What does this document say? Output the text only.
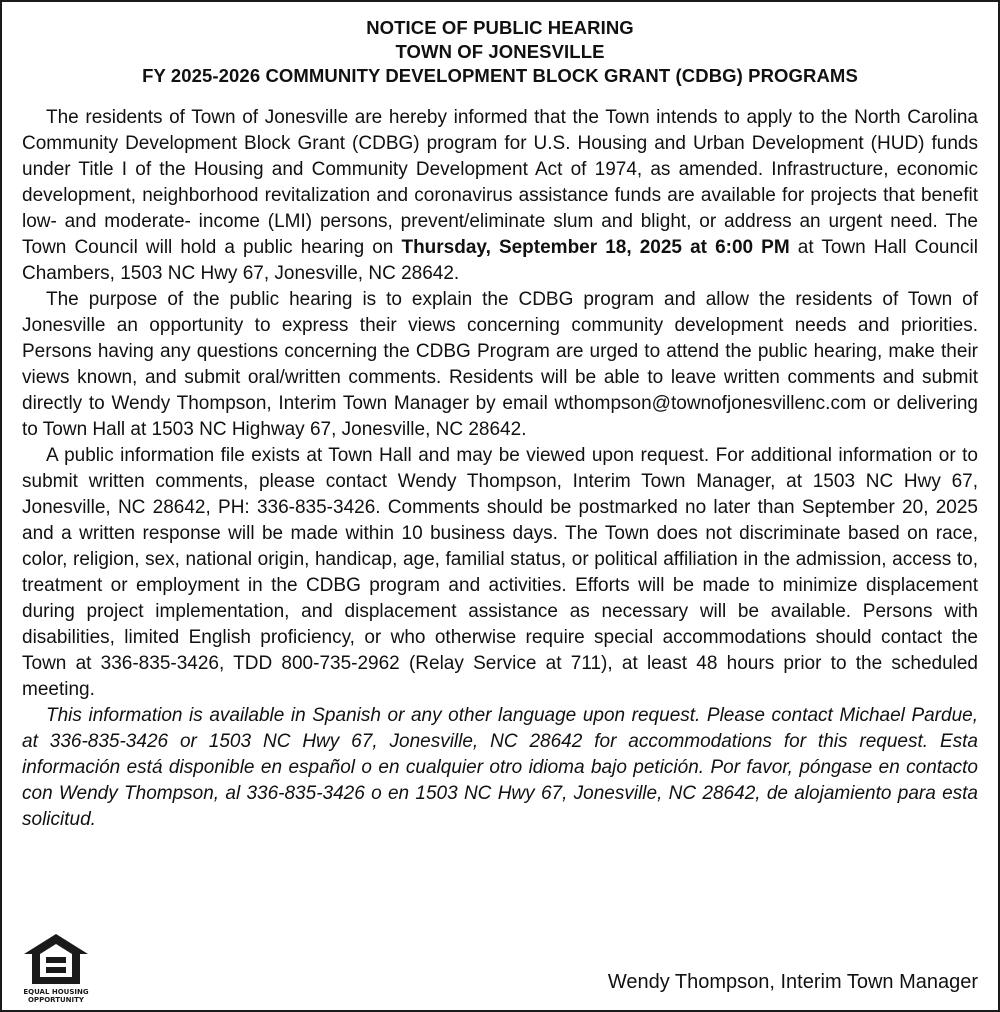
NOTICE OF PUBLIC HEARING
TOWN OF JONESVILLE
FY 2025-2026 COMMUNITY DEVELOPMENT BLOCK GRANT (CDBG) PROGRAMS

The residents of Town of Jonesville are hereby informed that the Town intends to apply to the North Carolina Community Development Block Grant (CDBG) program for U.S. Housing and Urban Development (HUD) funds under Title I of the Housing and Community Development Act of 1974, as amended. Infrastructure, economic development, neighborhood revitalization and coronavirus assistance funds are available for projects that benefit low- and moderate- income (LMI) persons, prevent/eliminate slum and blight, or address an urgent need. The Town Council will hold a public hearing on Thursday, September 18, 2025 at 6:00 PM at Town Hall Council Chambers, 1503 NC Hwy 67, Jonesville, NC 28642.

The purpose of the public hearing is to explain the CDBG program and allow the residents of Town of Jonesville an opportunity to express their views concerning community development needs and priorities. Persons having any questions concerning the CDBG Program are urged to attend the public hearing, make their views known, and submit oral/written comments. Residents will be able to leave written comments and submit directly to Wendy Thompson, Interim Town Manager by email wthompson@townofjonesvillenc.com or delivering to Town Hall at 1503 NC Highway 67, Jonesville, NC 28642.

A public information file exists at Town Hall and may be viewed upon request. For additional information or to submit written comments, please contact Wendy Thompson, Interim Town Manager, at 1503 NC Hwy 67, Jonesville, NC 28642, PH: 336-835-3426. Comments should be postmarked no later than September 20, 2025 and a written response will be made within 10 business days. The Town does not discriminate based on race, color, religion, sex, national origin, handicap, age, familial status, or political affiliation in the admission, access to, treatment or employment in the CDBG program and activities. Efforts will be made to minimize displacement during project implementation, and displacement assistance as necessary will be available. Persons with disabilities, limited English proficiency, or who otherwise require special accommodations should contact the Town at 336-835-3426, TDD 800-735-2962 (Relay Service at 711), at least 48 hours prior to the scheduled meeting.

This information is available in Spanish or any other language upon request. Please contact Michael Pardue, at 336-835-3426 or 1503 NC Hwy 67, Jonesville, NC 28642 for accommodations for this request. Esta información está disponible en español o en cualquier otro idioma bajo petición. Por favor, póngase en contacto con Wendy Thompson, al 336-835-3426 o en 1503 NC Hwy 67, Jonesville, NC 28642, de alojamiento para esta solicitud.

EQUAL HOUSING
OPPORTUNITY
Wendy Thompson, Interim Town Manager
